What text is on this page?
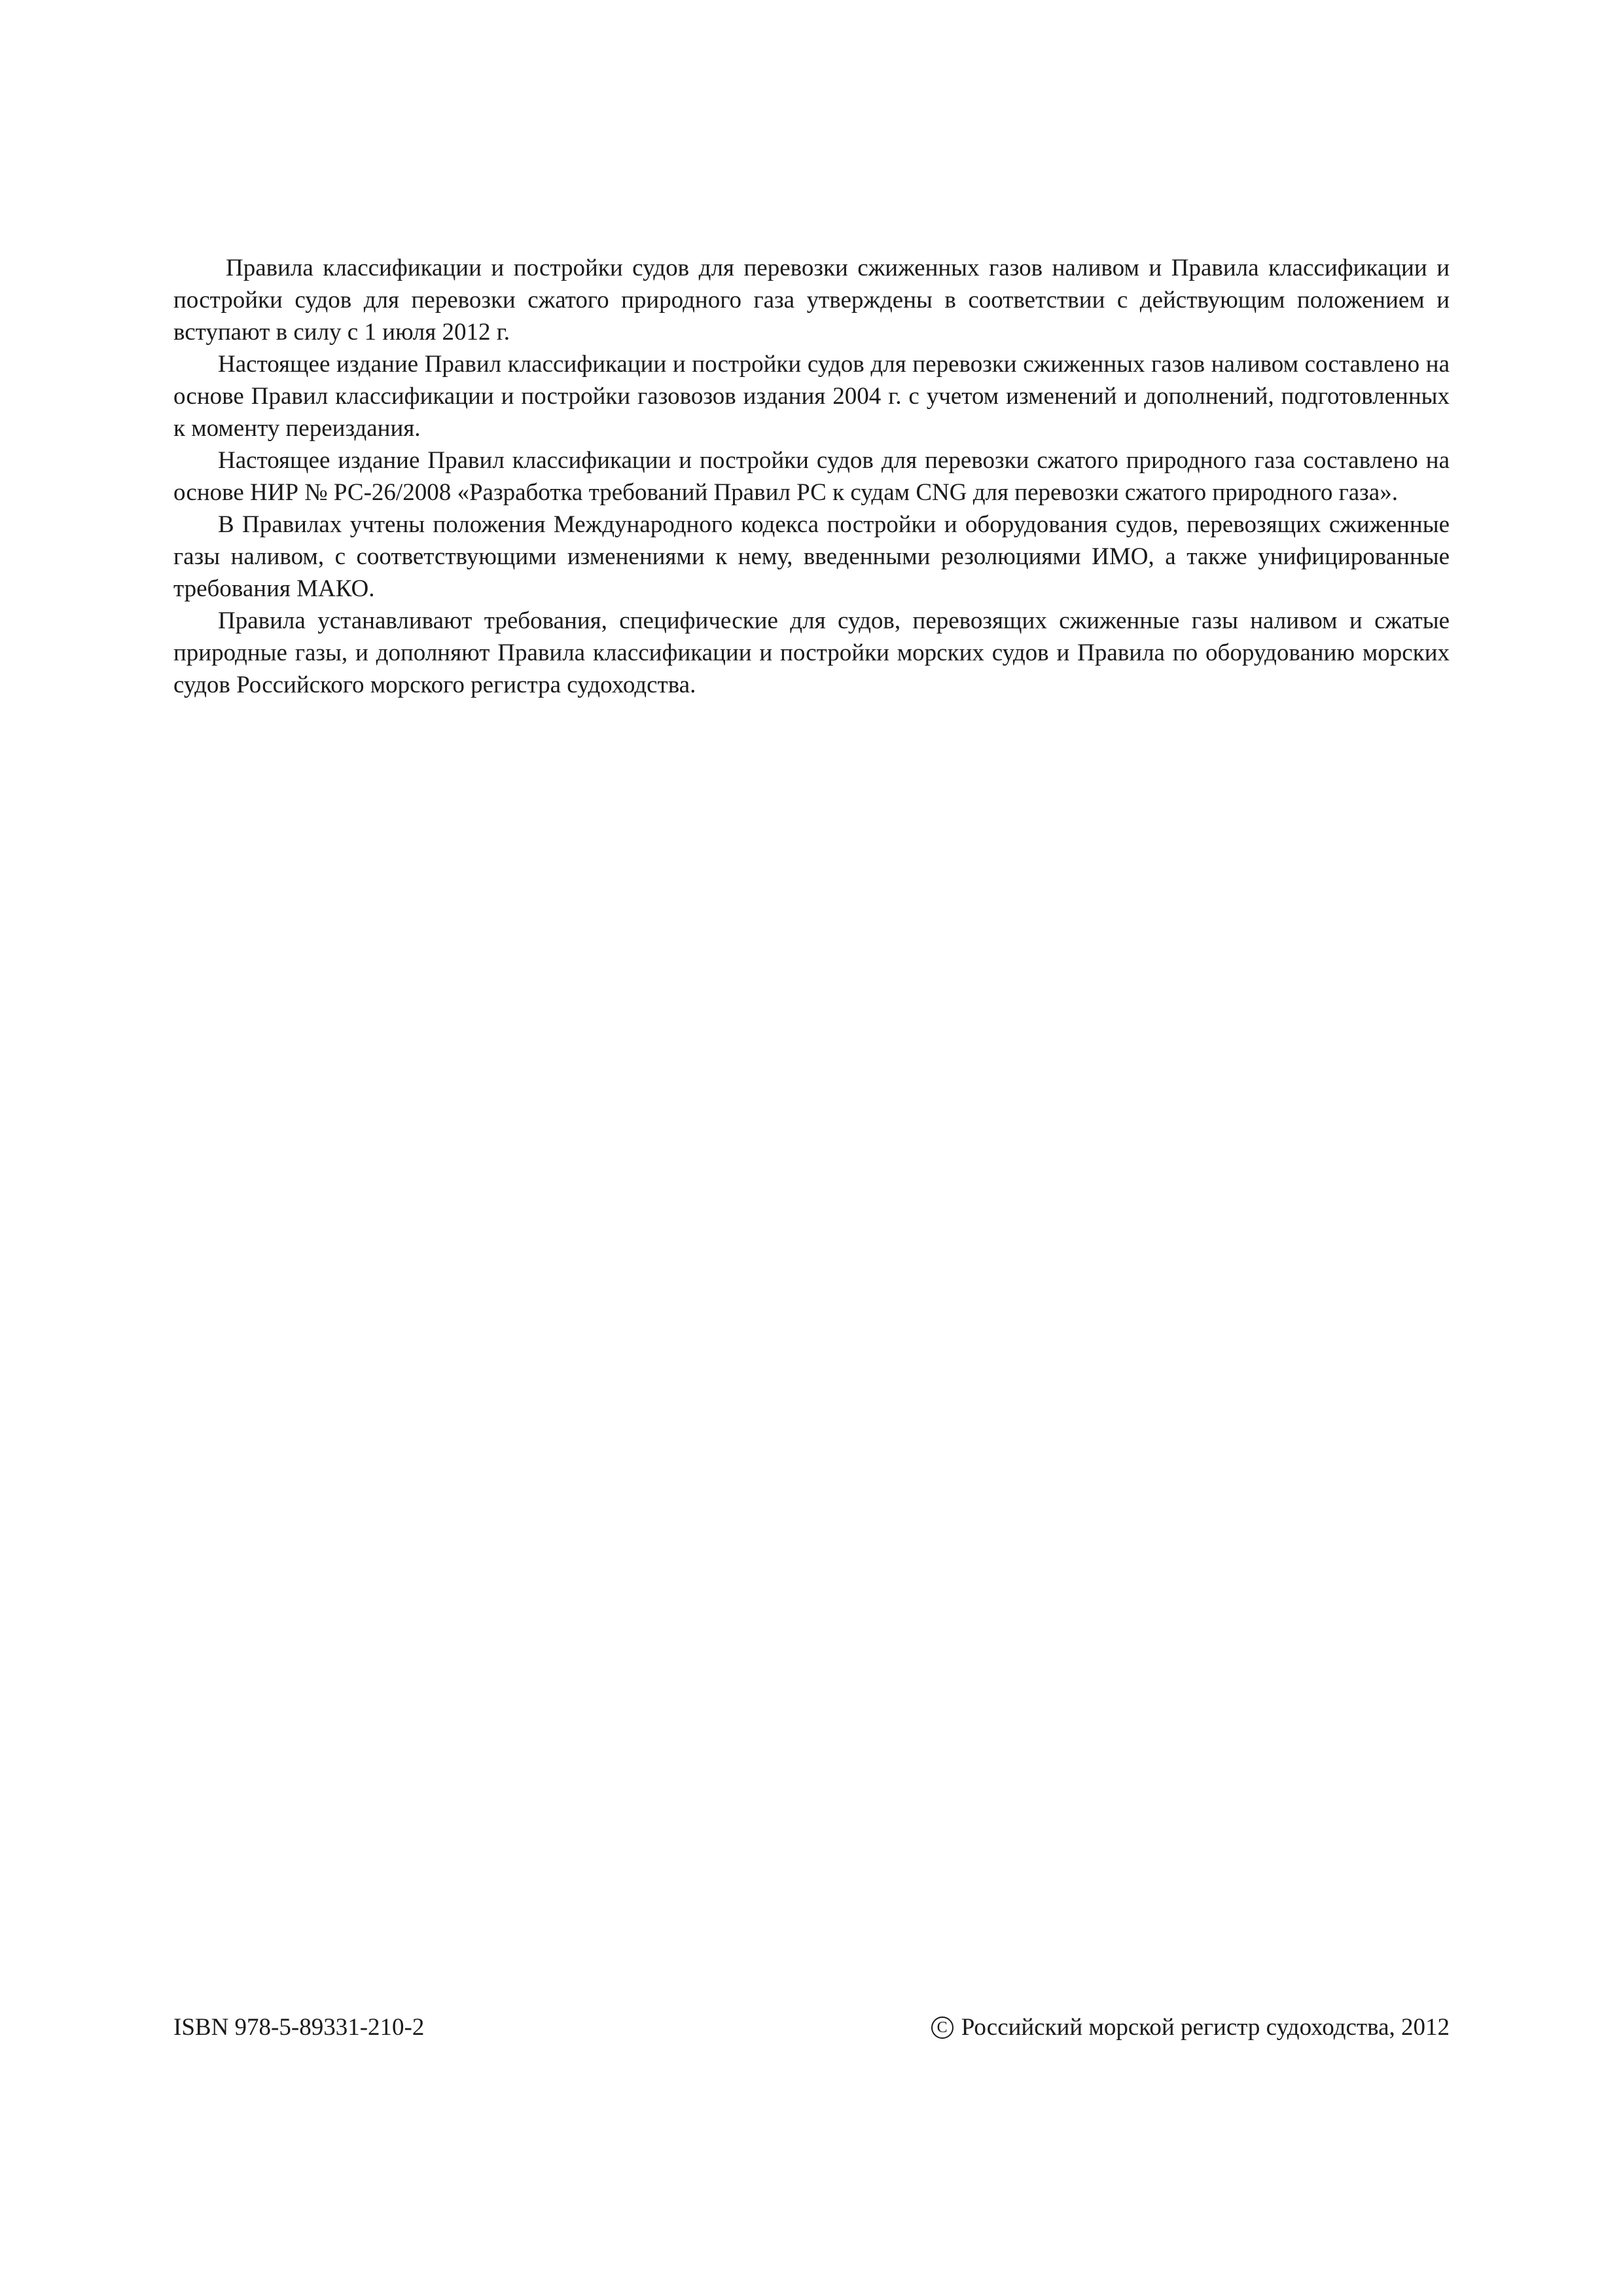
Правила классификации и постройки судов для перевозки сжиженных газов наливом и Правила классификации и постройки судов для перевозки сжатого природного газа утверждены в соответствии с действующим положением и вступают в силу с 1 июля 2012 г.

Настоящее издание Правил классификации и постройки судов для перевозки сжиженных газов наливом составлено на основе Правил классификации и постройки газовозов издания 2004 г. с учетом изменений и дополнений, подготовленных к моменту переиздания.

Настоящее издание Правил классификации и постройки судов для перевозки сжатого природного газа составлено на основе НИР № РС-26/2008 «Разработка требований Правил РС к судам CNG для перевозки сжатого природного газа».

В Правилах учтены положения Международного кодекса постройки и оборудования судов, перевозящих сжиженные газы наливом, с соответствующими изменениями к нему, введенными резолюциями ИМО, а также унифицированные требования МАКО.

Правила устанавливают требования, специфические для судов, перевозящих сжиженные газы наливом и сжатые природные газы, и дополняют Правила классификации и постройки морских судов и Правила по оборудованию морских судов Российского морского регистра судоходства.

ISBN 978-5-89331-210-2	C Российский морской регистр судоходства, 2012
